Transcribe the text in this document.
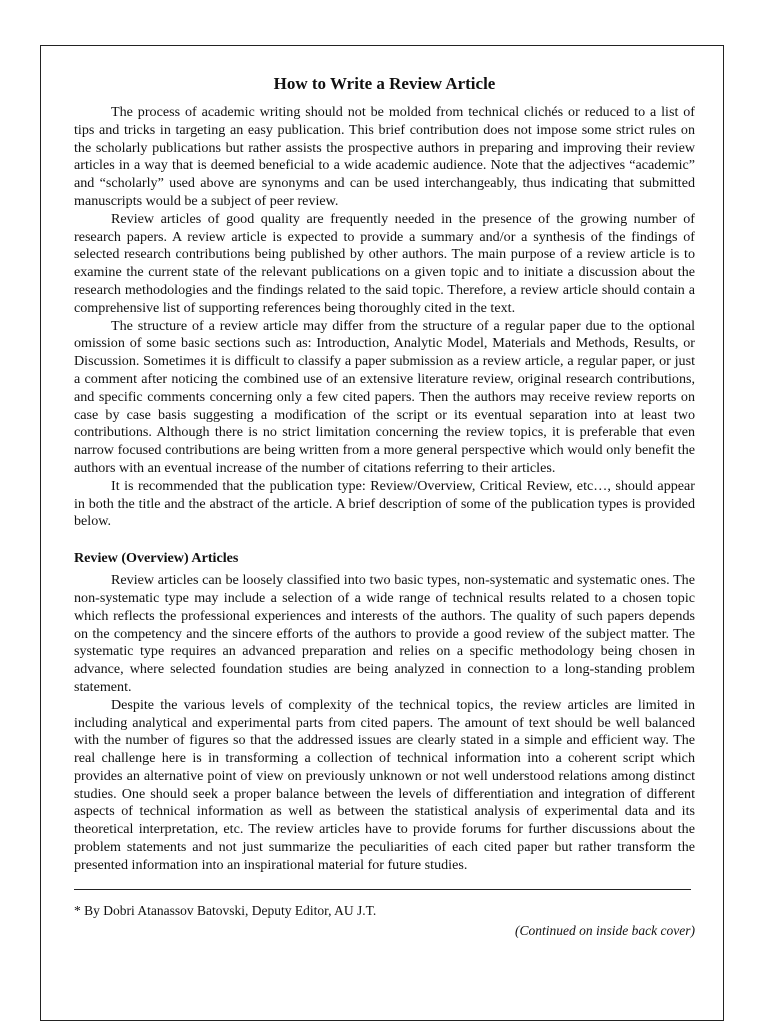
How to Write a Review Article

The process of academic writing should not be molded from technical clichés or reduced to a list of tips and tricks in targeting an easy publication. This brief contribution does not impose some strict rules on the scholarly publications but rather assists the prospective authors in preparing and improving their review articles in a way that is deemed beneficial to a wide academic audience. Note that the adjectives “academic” and “scholarly” used above are synonyms and can be used interchangeably, thus indicating that submitted manuscripts would be a subject of peer review.

Review articles of good quality are frequently needed in the presence of the growing number of research papers. A review article is expected to provide a summary and/or a synthesis of the findings of selected research contributions being published by other authors. The main purpose of a review article is to examine the current state of the relevant publications on a given topic and to initiate a discussion about the research methodologies and the findings related to the said topic. Therefore, a review article should contain a comprehensive list of supporting references being thoroughly cited in the text.

The structure of a review article may differ from the structure of a regular paper due to the optional omission of some basic sections such as: Introduction, Analytic Model, Materials and Methods, Results, or Discussion. Sometimes it is difficult to classify a paper submission as a review article, a regular paper, or just a comment after noticing the combined use of an extensive literature review, original research contributions, and specific comments concerning only a few cited papers. Then the authors may receive review reports on case by case basis suggesting a modification of the script or its eventual separation into at least two contributions. Although there is no strict limitation concerning the review topics, it is preferable that even narrow focused contributions are being written from a more general perspective which would only benefit the authors with an eventual increase of the number of citations referring to their articles.

It is recommended that the publication type: Review/Overview, Critical Review, etc…, should appear in both the title and the abstract of the article. A brief description of some of the publication types is provided below.

Review (Overview) Articles

Review articles can be loosely classified into two basic types, non-systematic and systematic ones. The non-systematic type may include a selection of a wide range of technical results related to a chosen topic which reflects the professional experiences and interests of the authors. The quality of such papers depends on the competency and the sincere efforts of the authors to provide a good review of the subject matter. The systematic type requires an advanced preparation and relies on a specific methodology being chosen in advance, where selected foundation studies are being analyzed in connection to a long-standing problem statement.

Despite the various levels of complexity of the technical topics, the review articles are limited in including analytical and experimental parts from cited papers. The amount of text should be well balanced with the number of figures so that the addressed issues are clearly stated in a simple and efficient way. The real challenge here is in transforming a collection of technical information into a coherent script which provides an alternative point of view on previously unknown or not well understood relations among distinct studies. One should seek a proper balance between the levels of differentiation and integration of different aspects of technical information as well as between the statistical analysis of experimental data and its theoretical interpretation, etc. The review articles have to provide forums for further discussions about the problem statements and not just summarize the peculiarities of each cited paper but rather transform the presented information into an inspirational material for future studies.

* By Dobri Atanassov Batovski, Deputy Editor, AU J.T.
(Continued on inside back cover)
